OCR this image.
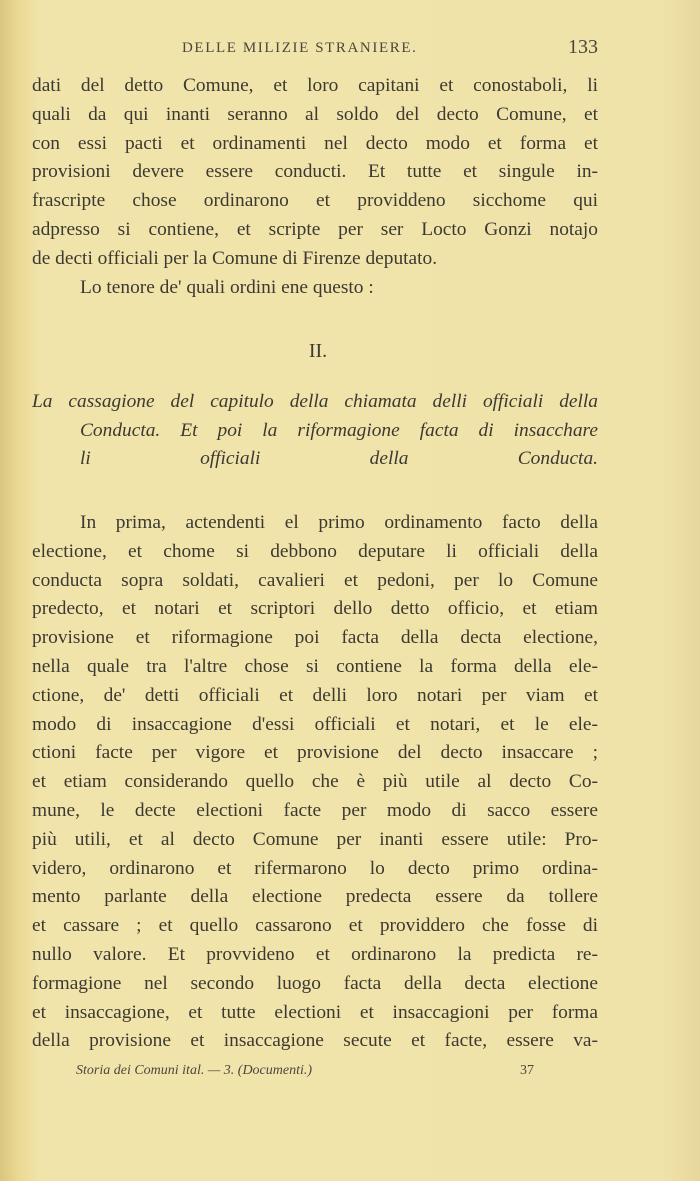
DELLE MILIZIE STRANIERE.	133
dati del detto Comune, et loro capitani et conostaboli, li
quali da qui inanti seranno al soldo del decto Comune, et
con essi pacti et ordinamenti nel decto modo et forma et
provisioni devere essere conducti. Et tutte et singule in-
frascripte chose ordinarono et providdeno sicchome qui
adpresso si contiene, et scripte per ser Locto Gonzi notajo
de decti officiali per la Comune di Firenze deputato.
Lo tenore de' quali ordini ene questo :
II.
La cassagione del capitulo della chiamata delli officiali della
Conducta. Et poi la riformagione facta di insacchare
li officiali della Conducta.
In prima, actendenti el primo ordinamento facto della
electione, et chome si debbono deputare li officiali della
conducta sopra soldati, cavalieri et pedoni, per lo Comune
predecto, et notari et scriptori dello detto officio, et etiam
provisione et riformagione poi facta della decta electione,
nella quale tra l'altre chose si contiene la forma della ele-
ctione, de' detti officiali et delli loro notari per viam et
modo di insaccagione d'essi officiali et notari, et le ele-
ctioni facte per vigore et provisione del decto insaccare ;
et etiam considerando quello che è più utile al decto Co-
mune, le decte electioni facte per modo di sacco essere
più utili, et al decto Comune per inanti essere utile: Pro-
videro, ordinarono et rifermarono lo decto primo ordina-
mento parlante della electione predecta essere da tollere
et cassare ; et quello cassarono et providdero che fosse di
nullo valore. Et provvideno et ordinarono la predicta re-
formagione nel secondo luogo facta della decta electione
et insaccagione, et tutte electioni et insaccagioni per forma
della provisione et insaccagione secute et facte, essere va-
Storia dei Comuni ital. — 3. (Documenti.)	37
